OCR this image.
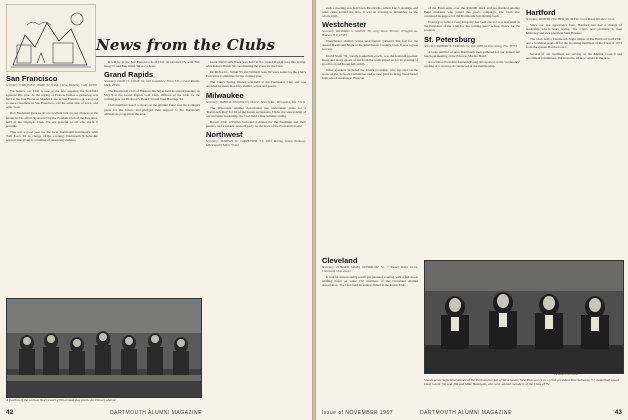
News from the Clubs
San Francisco
Secretary, CARLTON E. WARD '52, 6 Vale Circle, Berkeley, Calif. 94708

We believe our Club is one of the few assisting the backfield squeeze this year. At the urging of Francis Welles a gathering was held at the Iron Horse on Maiden Lane in San Francisco. It was good to see a classmate in San Francisco, call the other side of town, and write back.

Bob Blackman gave us all an excellent talk on our chances at the Green and its effort. Sponsored by the Football Club of the Bay Area, held at the Olympic Club. We are grateful to all who made it possible.

This was a good year for the local Dartmouth community, with Tom Loeb '61 in charge of the evening. Dartmouth Scholarship support was given to a number of deserving students.

It will be at the San Francisco Golf Club on October 15, with Bob King '57 and Ben Webb '60 as co-hosts.

Grand Rapids
Secretary, DAVID S. COOK '61, 940 Grandview Drive S.E., Grand Rapids, Mich. 49506

The Dartmouth Club of Western Michigan held its annual meeting on May 9 at the Grand Rapids Golf Club. Officers of the Club for the coming year are Richard E. Heald '54 and Tom Hastings '61.

Club members heard a report on the Alumni Fund and the College's plans for the future, and pledged their support to the Dartmouth admissions program in the area.

Great Dartmouth Week was held in the Grand Rapids area this spring, with Robert Marsh '56 coordinating the event for the Club.

Dr. Richard C. Wilde '55 and William Gale '60 were named to the Club's Executive Committee for the coming year.

The Club's Spring Dinner was held at the Peninsular Club and was attended by more than fifty alumni, wives and guests.

Milwaukee
Secretary, JAMES R. NELSON '55, 2641 E. Beverly Rd., Milwaukee, Wis. 53211

The Wisconsin Alumni Association has undertaken plans for a 'Dartmouth Day' for all of the Green enthusiasts. Under the stewardship of our energetic leadership, the Club held a fine summer outing.

Recent Club activities included a dinner for the freshmen and their parents, and a student send-off party on the lawn of the President's home.

Northwest
Secretary, NORMAN K. CARPENTER '53, 4904 Rolling Green Parkway, Minneapolis, Minn. 55424
A fraction of the work at Ned Grant's ('30) annual stag picnic for Denver alumni.
42	DARTMOUTH ALUMNI MAGAZINE

such a meeting was held from Monticello. Albert Lee, Coleridge, and other cities around the area. It was an evening to remember for the whole Club.

Westchester
Secretary, RICHARD S. WALSH '58, Gray Rock Terrace, Irvington-on-Hudson, N.Y. 10533

Westchester alumni, wives and friends gathered this fall for the annual Dartmouth Night at the Westchester Country Club. It was a great success.

David Stern '59, varsity basketball coach, was the featured speaker. Dave and many guests of his from the team joined us for an evening of good food and Green fellowship.

Other speakers included the Club's president, who reported on the work of the Schools Committee and a new plan to bring Westchester high school students to Hanover.

of the Fund went over the $50,000 mark and we thanked Alumni Fund chairmen who joined this year's campaign. The Club also continued its support of the Dartmouth Scholarship fund.

Would you believe Greg Kingsley has been elected to a new term as the President of the Club for the coming year? A fine choice for the position.

St. Petersburg
Secretary, ROBERT W. STRONG '52, Box 1008, St. Petersburg, Fla. 33731

A large number of area Dartmouth men gathered for our annual fall luncheon meeting at the Princess Martha Hotel.

Association President Kenneth Young '40 reported on the 'conference' reading of a recent poll conducted of the membership.

Hartford
Secretary, ROBERT FISCHER '48, 39 Elm Grove Road, Windsor, Conn.

Since our last appearance here, Hartford has had a change of leadership which bears noting. The Club's new president is Tom Mahoney and vice president Sam Hawkes.

The Club held a Dartmouth Night dinner at the Hartford Golf Club, and a freshman send-off for the incoming members of the Class of 1971 from the greater Hartford area.

Several of our members are serving on the Alumni Council and enrollment committees. We welcome all newcomers to the area.

Cleveland
Secretary, EDWARD JAMES OKERBLOM '52, 7 Shaker Ridge Drive, Cleveland, Ohio 44122

It was an unseasonably warm yet pleasant evening with a full moon smiling down on some 150 members of the Cleveland Alumni Association. The Club held its annual dinner at the Union Club.

Cleveland Plain Dealer
Shown at the September dinner of the Dartmouth Club of Westchester, New York, are (l. to r.) club president Tom Schwartz '57, basketball coach Dave Gavitt '59, and Tim and Mike Hannigan, who were alumni-members of the Class of '71.
Issue of NOVEMBER 1967	DARTMOUTH ALUMNI MAGAZINE	43
